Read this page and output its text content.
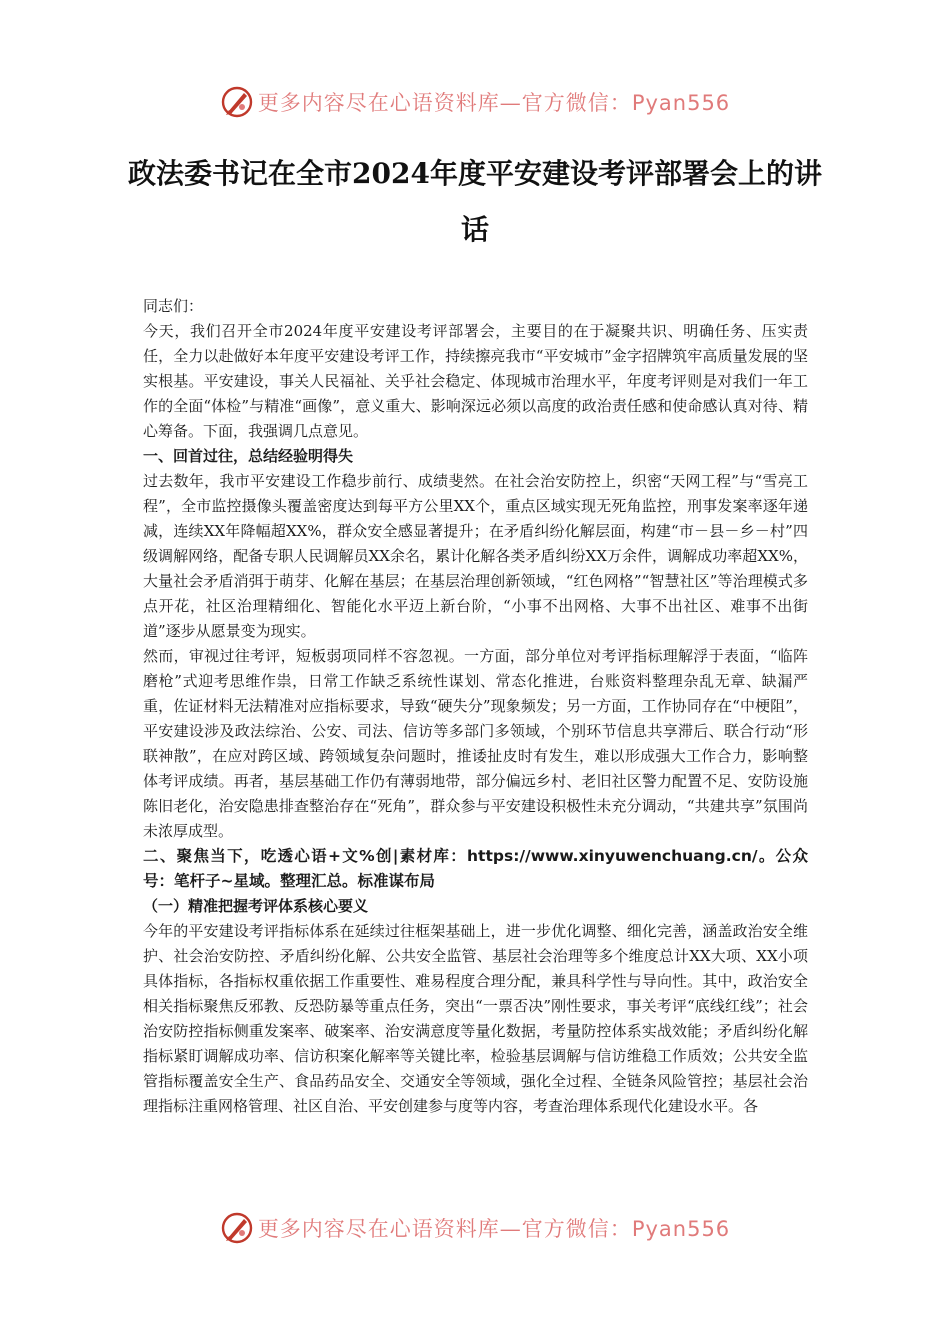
更多内容尽在心语资料库—官方微信：Pyan556
政法委书记在全市2024年度平安建设考评部署会上的讲话

同志们：

今天，我们召开全市2024年度平安建设考评部署会，主要目的在于凝聚共识、明确任务、压实责任，全力以赴做好本年度平安建设考评工作，持续擦亮我市“平安城市”金字招牌筑牢高质量发展的坚实根基。平安建设，事关人民福祉、关乎社会稳定、体现城市治理水平，年度考评则是对我们一年工作的全面“体检”与精准“画像”，意义重大、影响深远必须以高度的政治责任感和使命感认真对待、精心筹备。下面，我强调几点意见。

一、回首过往，总结经验明得失

过去数年，我市平安建设工作稳步前行、成绩斐然。在社会治安防控上，织密“天网工程”与“雪亮工程”，全市监控摄像头覆盖密度达到每平方公里XX个，重点区域实现无死角监控，刑事发案率逐年递减，连续XX年降幅超XX%，群众安全感显著提升；在矛盾纠纷化解层面，构建“市－县－乡－村”四级调解网络，配备专职人民调解员XX余名，累计化解各类矛盾纠纷XX万余件，调解成功率超XX%，大量社会矛盾消弭于萌芽、化解在基层；在基层治理创新领域，“红色网格”“智慧社区”等治理模式多点开花，社区治理精细化、智能化水平迈上新台阶，“小事不出网格、大事不出社区、难事不出街道”逐步从愿景变为现实。

然而，审视过往考评，短板弱项同样不容忽视。一方面，部分单位对考评指标理解浮于表面，“临阵磨枪”式迎考思维作祟，日常工作缺乏系统性谋划、常态化推进，台账资料整理杂乱无章、缺漏严重，佐证材料无法精准对应指标要求，导致“硬失分”现象频发；另一方面，工作协同存在“中梗阻”，平安建设涉及政法综治、公安、司法、信访等多部门多领域，个别环节信息共享滞后、联合行动“形联神散”，在应对跨区域、跨领域复杂问题时，推诿扯皮时有发生，难以形成强大工作合力，影响整体考评成绩。再者，基层基础工作仍有薄弱地带，部分偏远乡村、老旧社区警力配置不足、安防设施陈旧老化，治安隐患排查整治存在“死角”，群众参与平安建设积极性未充分调动，“共建共享”氛围尚未浓厚成型。

二、聚焦当下，吃透心语+文%创|素材库：https://www.xinyuwenchuang.cn/。公众号：笔杆子~星域。整理汇总。标准谋布局

（一）精准把握考评体系核心要义

今年的平安建设考评指标体系在延续过往框架基础上，进一步优化调整、细化完善，涵盖政治安全维护、社会治安防控、矛盾纠纷化解、公共安全监管、基层社会治理等多个维度总计XX大项、XX小项具体指标，各指标权重依据工作重要性、难易程度合理分配，兼具科学性与导向性。其中，政治安全相关指标聚焦反邪教、反恐防暴等重点任务，突出“一票否决”刚性要求，事关考评“底线红线”；社会治安防控指标侧重发案率、破案率、治安满意度等量化数据，考量防控体系实战效能；矛盾纠纷化解指标紧盯调解成功率、信访积案化解率等关键比率，检验基层调解与信访维稳工作质效；公共安全监管指标覆盖安全生产、食品药品安全、交通安全等领域，强化全过程、全链条风险管控；基层社会治理指标注重网格管理、社区自治、平安创建参与度等内容，考查治理体系现代化建设水平。各

更多内容尽在心语资料库—官方微信：Pyan556
